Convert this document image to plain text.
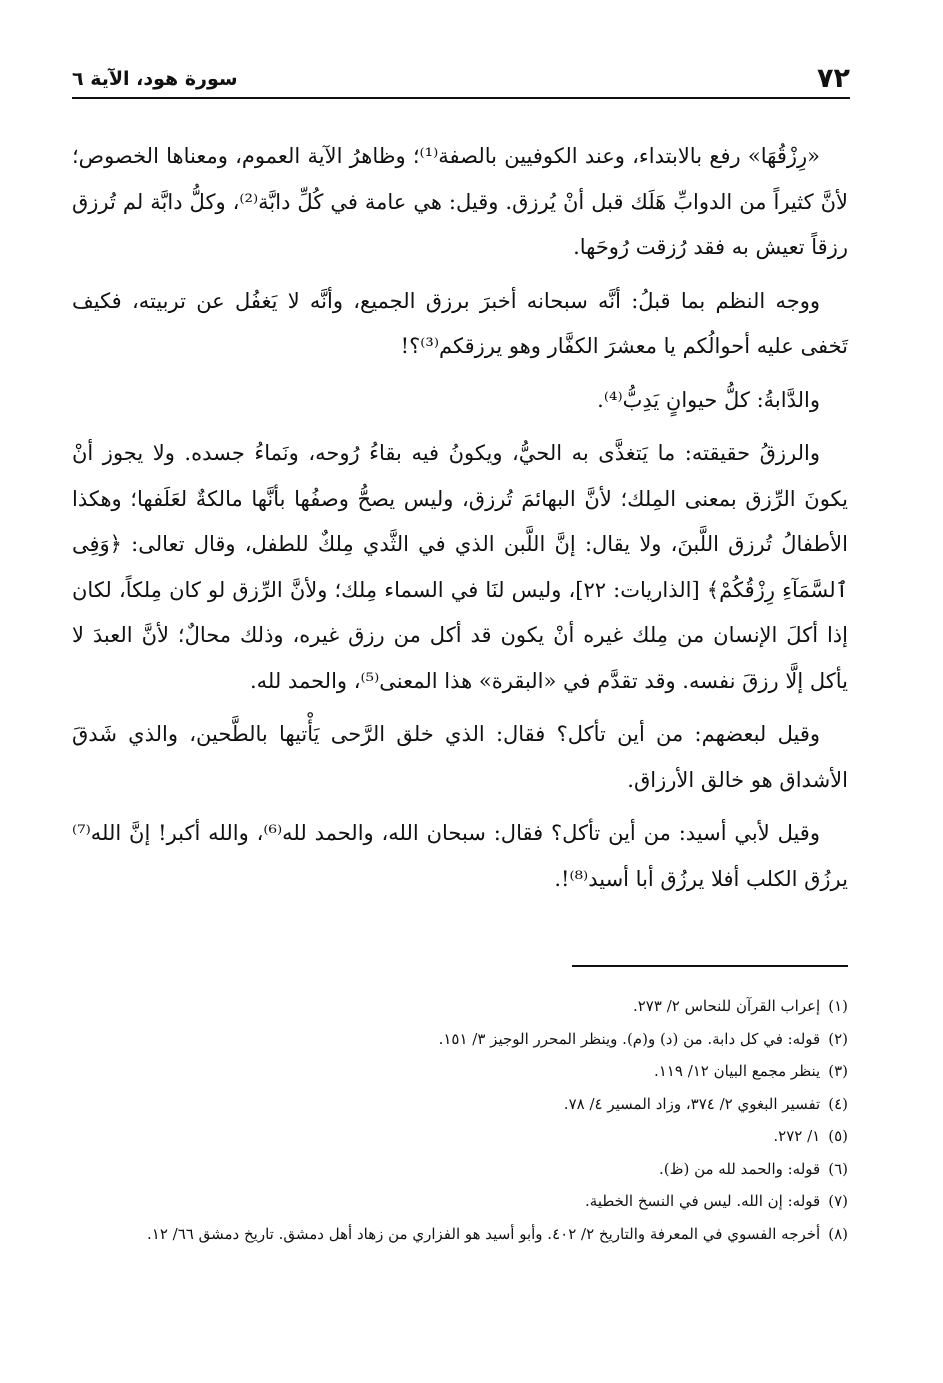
سورة هود، الآية ٦	٧٢

«رِزْقُهَا» رفع بالابتداء، وعند الكوفيين بالصفة⁽¹⁾؛ وظاهرُ الآية العموم، ومعناها الخصوص؛ لأنَّ كثيراً من الدوابِّ هَلَك قبل أنْ يُرزق. وقيل: هي عامة في كُلِّ دابَّة⁽²⁾، وكلُّ دابَّة لم تُرزق رزقاً تعيش به فقد رُزقت رُوحَها.

ووجه النظم بما قبلُ: أنَّه سبحانه أخبرَ برزق الجميع، وأنَّه لا يَغفُل عن تربيته، فكيف تَخفى عليه أحوالُكم يا معشرَ الكفَّار وهو يرزقكم⁽³⁾؟!

والدَّابةُ: كلُّ حيوانٍ يَدِبُّ⁽⁴⁾.

والرزقُ حقيقته: ما يَتغذَّى به الحيُّ، ويكونُ فيه بقاءُ رُوحه، ونَماءُ جسده. ولا يجوز أنْ يكونَ الرِّزق بمعنى المِلك؛ لأنَّ البهائمَ تُرزق، وليس يصحُّ وصفُها بأنَّها مالكةٌ لعَلَفها؛ وهكذا الأطفالُ تُرزق اللَّبنَ، ولا يقال: إنَّ اللَّبن الذي في الثَّدي مِلكٌ للطفل، وقال تعالى: ﴿وَفِى ٱلسَّمَآءِ رِزْقُكُمْ﴾ [الذاريات: ٢٢]، وليس لنَا في السماء مِلك؛ ولأنَّ الرِّزق لو كان مِلكاً، لكان إذا أكلَ الإنسان من مِلك غيره أنْ يكون قد أكل من رزق غيره، وذلك محالٌ؛ لأنَّ العبدَ لا يأكل إلَّا رزقَ نفسه. وقد تقدَّم في «البقرة» هذا المعنى⁽⁵⁾، والحمد لله.

وقيل لبعضهم: من أين تأكل؟ فقال: الذي خلق الرَّحى يَأْتيها بالطَّحين، والذي شَدقَ الأشداق هو خالق الأرزاق.

وقيل لأبي أسيد: من أين تأكل؟ فقال: سبحان الله، والحمد لله⁽⁶⁾، والله أكبر! إنَّ الله⁽⁷⁾ يرزُق الكلب أفلا يرزُق أبا أسيد⁽⁸⁾!.

(١)
إعراب القرآن للنحاس ٢/ ٢٧٣.
(٢)
قوله: في كل دابة. من (د) و(م). وينظر المحرر الوجيز ٣/ ١٥١.
(٣)
ينظر مجمع البيان ١٢/ ١١٩.
(٤)
تفسير البغوي ٢/ ٣٧٤، وزاد المسير ٤/ ٧٨.
(٥)
١/ ٢٧٢.
(٦)
قوله: والحمد لله من (ظ).
(٧)
قوله: إن الله. ليس في النسخ الخطية.
(٨)
أخرجه الفسوي في المعرفة والتاريخ ٢/ ٤٠٢. وأبو أسيد هو الفزاري من زهاد أهل دمشق. تاريخ دمشق ٦٦/ ١٢.
